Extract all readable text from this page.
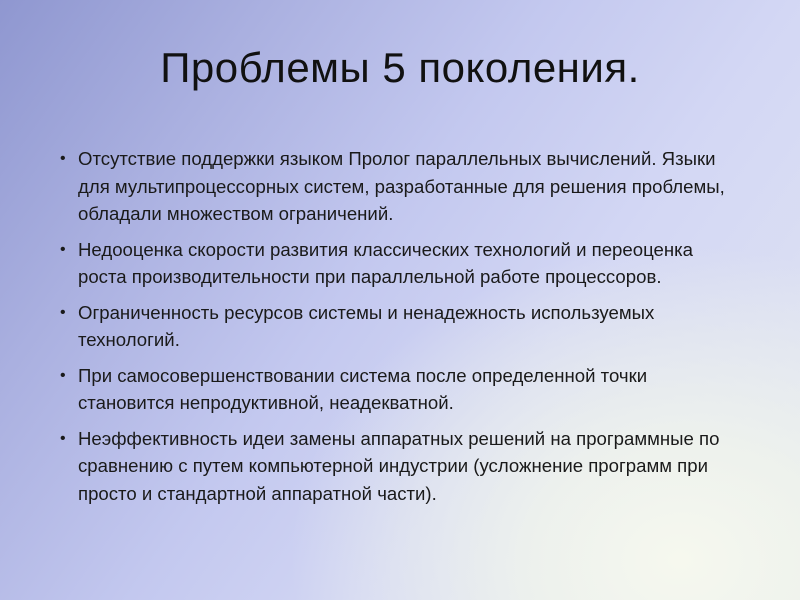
Проблемы 5 поколения.
• Отсутствие поддержки языком Пролог параллельных вычислений. Языки для мультипроцессорных систем, разработанные для решения проблемы, обладали множеством ограничений.
• Недооценка скорости развития классических технологий и переоценка роста производительности при параллельной работе процессоров.
• Ограниченность ресурсов системы и ненадежность используемых технологий.
• При самосовершенствовании система после определенной точки становится непродуктивной, неадекватной.
• Неэффективность идеи замены аппаратных решений на программные по сравнению с путем компьютерной индустрии (усложнение программ при просто и стандартной аппаратной части).
